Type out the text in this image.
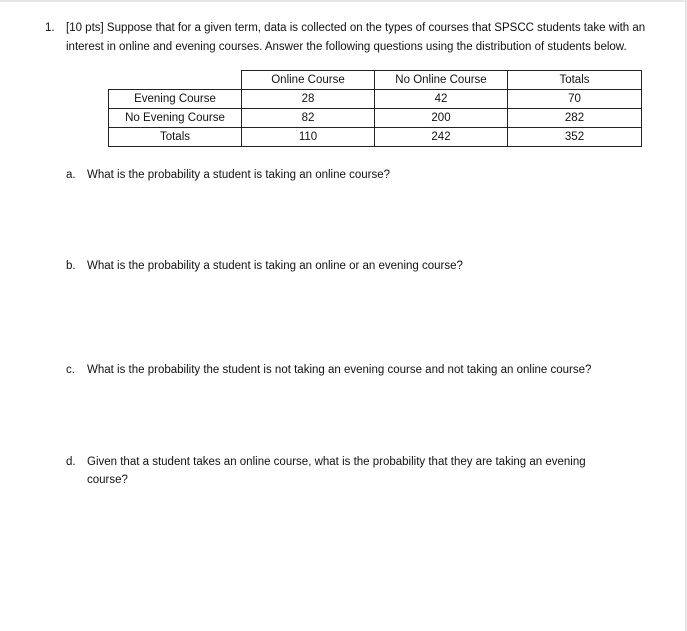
1. [10 pts] Suppose that for a given term, data is collected on the types of courses that SPSCC students take with an interest in online and evening courses. Answer the following questions using the distribution of students below.
	Online Course	No Online Course	Totals
Evening Course	28	42	70
No Evening Course	82	200	282
Totals	110	242	352
a. What is the probability a student is taking an online course?
b. What is the probability a student is taking an online or an evening course?
c. What is the probability the student is not taking an evening course and not taking an online course?
d. Given that a student takes an online course, what is the probability that they are taking an evening course?
